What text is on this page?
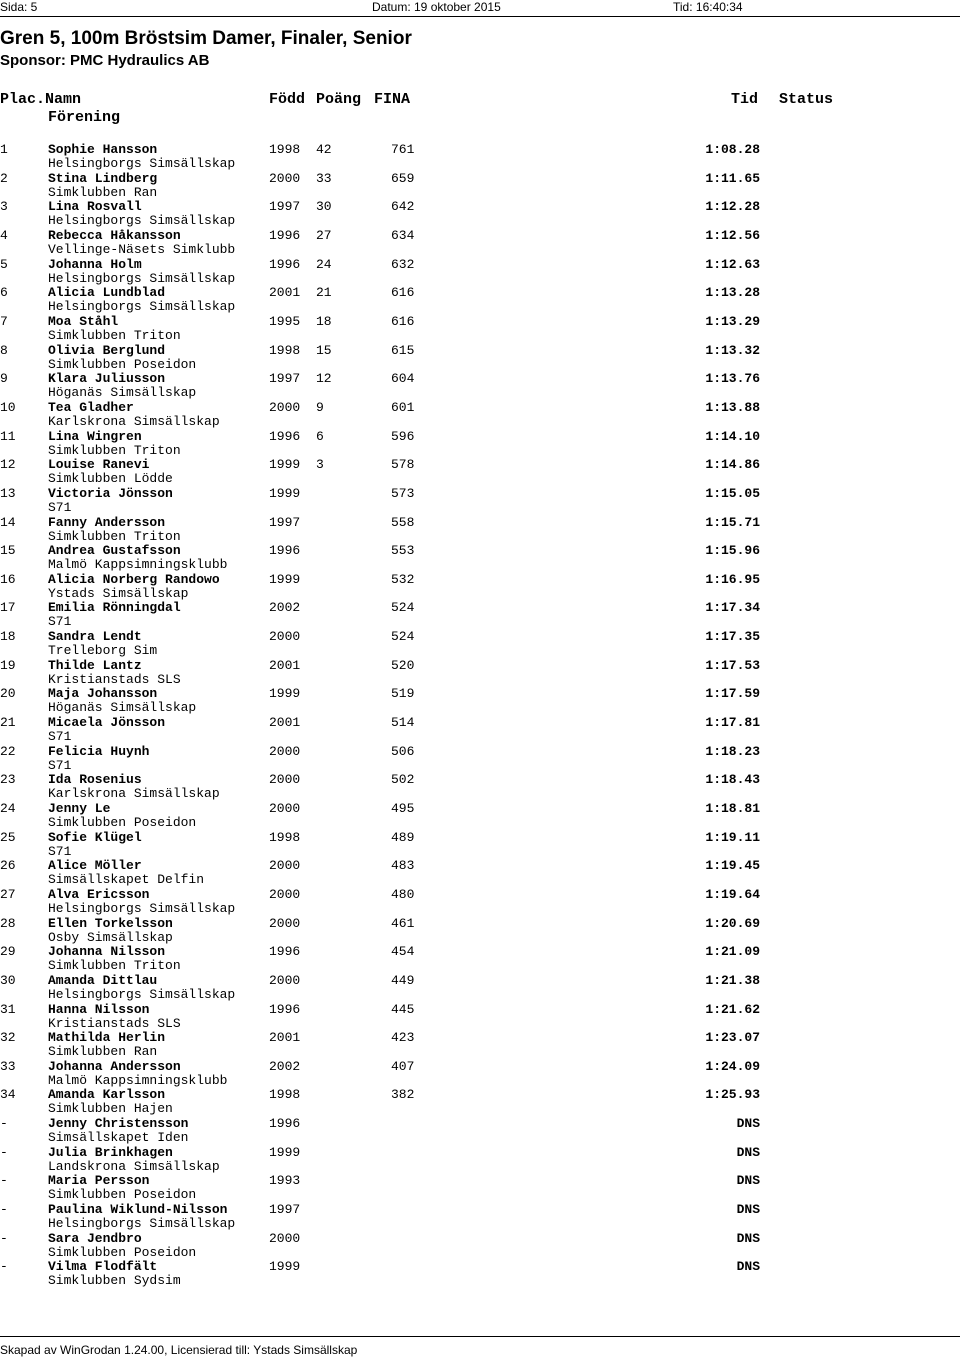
Sida: 5	Datum: 19 oktober 2015	Tid: 16:40:34
Gren 5, 100m Bröstsim Damer, Finaler, Senior
Sponsor: PMC Hydraulics AB
Plac.Namn
Förening
Född Poäng FINA	Tid Status
1	Sophie Hansson	1998 42	761	1:08.28
Helsingborgs Simsällskap
2	Stina Lindberg	2000 33	659	1:11.65
Simklubben Ran
3	Lina Rosvall	1997 30	642	1:12.28
Helsingborgs Simsällskap
4	Rebecca Håkansson	1996 27	634	1:12.56
Vellinge-Näsets Simklubb
5	Johanna Holm	1996 24	632	1:12.63
Helsingborgs Simsällskap
6	Alicia Lundblad	2001 21	616	1:13.28
Helsingborgs Simsällskap
7	Moa Ståhl	1995 18	616	1:13.29
Simklubben Triton
8	Olivia Berglund	1998 15	615	1:13.32
Simklubben Poseidon
9	Klara Juliusson	1997 12	604	1:13.76
Höganäs Simsällskap
10 Tea Gladher	2000 9	601	1:13.88
Karlskrona Simsällskap
11 Lina Wingren	1996 6	596	1:14.10
Simklubben Triton
12 Louise Ranevi	1999 3	578	1:14.86
Simklubben Lödde
13 Victoria Jönsson	1999	573	1:15.05
S71
14 Fanny Andersson	1997	558	1:15.71
Simklubben Triton
15 Andrea Gustafsson	1996	553	1:15.96
Malmö Kappsimningsklubb
16 Alicia Norberg Randowo	1999	532	1:16.95
Ystads Simsällskap
17 Emilia Rönningdal	2002	524	1:17.34
S71
18 Sandra Lendt	2000	524	1:17.35
Trelleborg Sim
19 Thilde Lantz	2001	520	1:17.53
Kristianstads SLS
20 Maja Johansson	1999	519	1:17.59
Höganäs Simsällskap
21 Micaela Jönsson	2001	514	1:17.81
S71
22 Felicia Huynh	2000	506	1:18.23
S71
23 Ida Rosenius	2000	502	1:18.43
Karlskrona Simsällskap
24 Jenny Le	2000	495	1:18.81
Simklubben Poseidon
25 Sofie Klügel	1998	489	1:19.11
S71
26 Alice Möller	2000	483	1:19.45
Simsällskapet Delfin
27 Alva Ericsson	2000	480	1:19.64
Helsingborgs Simsällskap
28 Ellen Torkelsson	2000	461	1:20.69
Osby Simsällskap
29 Johanna Nilsson	1996	454	1:21.09
Simklubben Triton
30 Amanda Dittlau	2000	449	1:21.38
Helsingborgs Simsällskap
31 Hanna Nilsson	1996	445	1:21.62
Kristianstads SLS
32 Mathilda Herlin	2001	423	1:23.07
Simklubben Ran
33 Johanna Andersson	2002	407	1:24.09
Malmö Kappsimningsklubb
34 Amanda Karlsson	1998	382	1:25.93
Simklubben Hajen
-	Jenny Christensson	1996	DNS
Simsällskapet Iden
-	Julia Brinkhagen	1999	DNS
Landskrona Simsällskap
-	Maria Persson	1993	DNS
Simklubben Poseidon
-	Paulina Wiklund-Nilsson	1997	DNS
Helsingborgs Simsällskap
-	Sara Jendbro	2000	DNS
Simklubben Poseidon
-	Vilma Flodfält	1999	DNS
Simklubben Sydsim
Skapad av WinGrodan 1.24.00, Licensierad till: Ystads Simsällskap
